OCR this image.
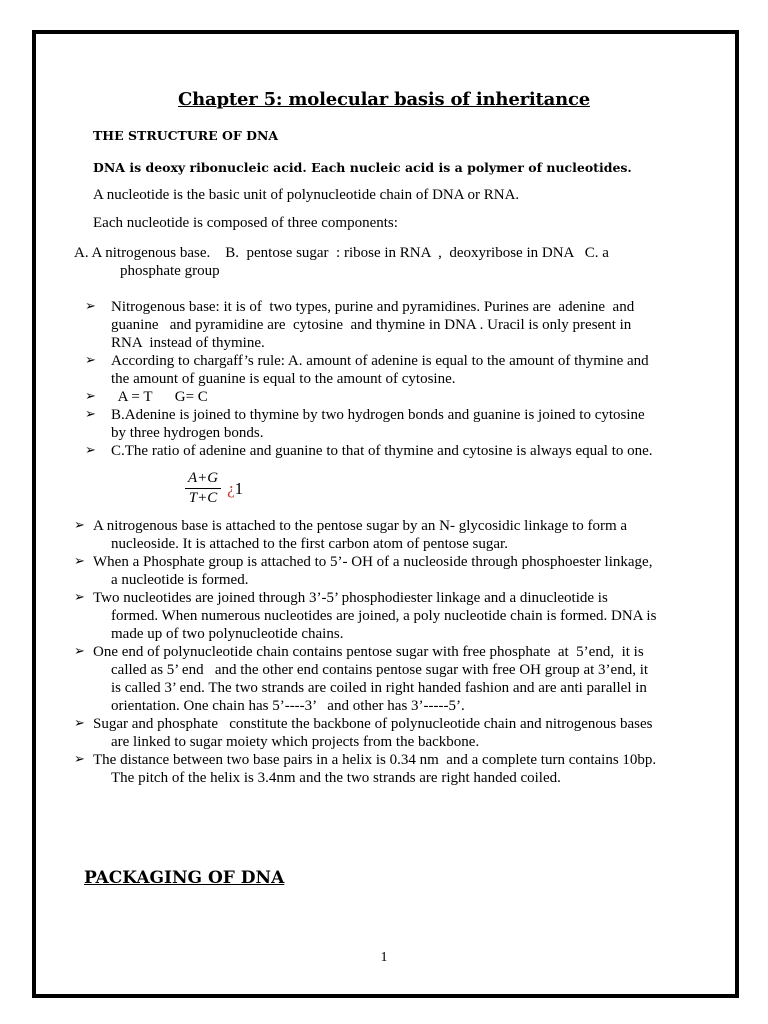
Chapter 5: molecular basis of inheritance

THE STRUCTURE OF DNA

DNA is deoxy ribonucleic acid. Each nucleic acid is a polymer of nucleotides.

A nucleotide is the basic unit of polynucleotide chain of DNA or RNA.

Each nucleotide is composed of three components:

A. A nitrogenous base.    B.  pentose sugar  : ribose in RNA  ,  deoxyribose in DNA   C. a
phosphate group
➢ Nitrogenous base: it is of  two types, purine and pyramidines. Purines are  adenine  and
guanine   and pyramidine are  cytosine  and thymine in DNA . Uracil is only present in
RNA  instead of thymine.
➢ According to chargaff’s rule: A. amount of adenine is equal to the amount of thymine and
the amount of guanine is equal to the amount of cytosine.
➢ A = T      G= C
➢ B.Adenine is joined to thymine by two hydrogen bonds and guanine is joined to cytosine
by three hydrogen bonds.
➢ C.The ratio of adenine and guanine to that of thymine and cytosine is always equal to one.
$\frac{A+G}{T+C}$ ¿1
➢ A nitrogenous base is attached to the pentose sugar by an N- glycosidic linkage to form a
nucleoside. It is attached to the first carbon atom of pentose sugar.
➢ When a Phosphate group is attached to 5’- OH of a nucleoside through phosphoester linkage,
a nucleotide is formed.
➢ Two nucleotides are joined through 3’-5’ phosphodiester linkage and a dinucleotide is
formed. When numerous nucleotides are joined, a poly nucleotide chain is formed. DNA is
made up of two polynucleotide chains.
➢ One end of polynucleotide chain contains pentose sugar with free phosphate  at  5’end,  it is
called as 5’ end   and the other end contains pentose sugar with free OH group at 3’end, it
is called 3’ end. The two strands are coiled in right handed fashion and are anti parallel in
orientation. One chain has 5’----3’   and other has 3’-----5’.
➢ Sugar and phosphate   constitute the backbone of polynucleotide chain and nitrogenous bases
are linked to sugar moiety which projects from the backbone.
➢ The distance between two base pairs in a helix is 0.34 nm  and a complete turn contains 10bp.
The pitch of the helix is 3.4nm and the two strands are right handed coiled.
PACKAGING OF DNA
1
